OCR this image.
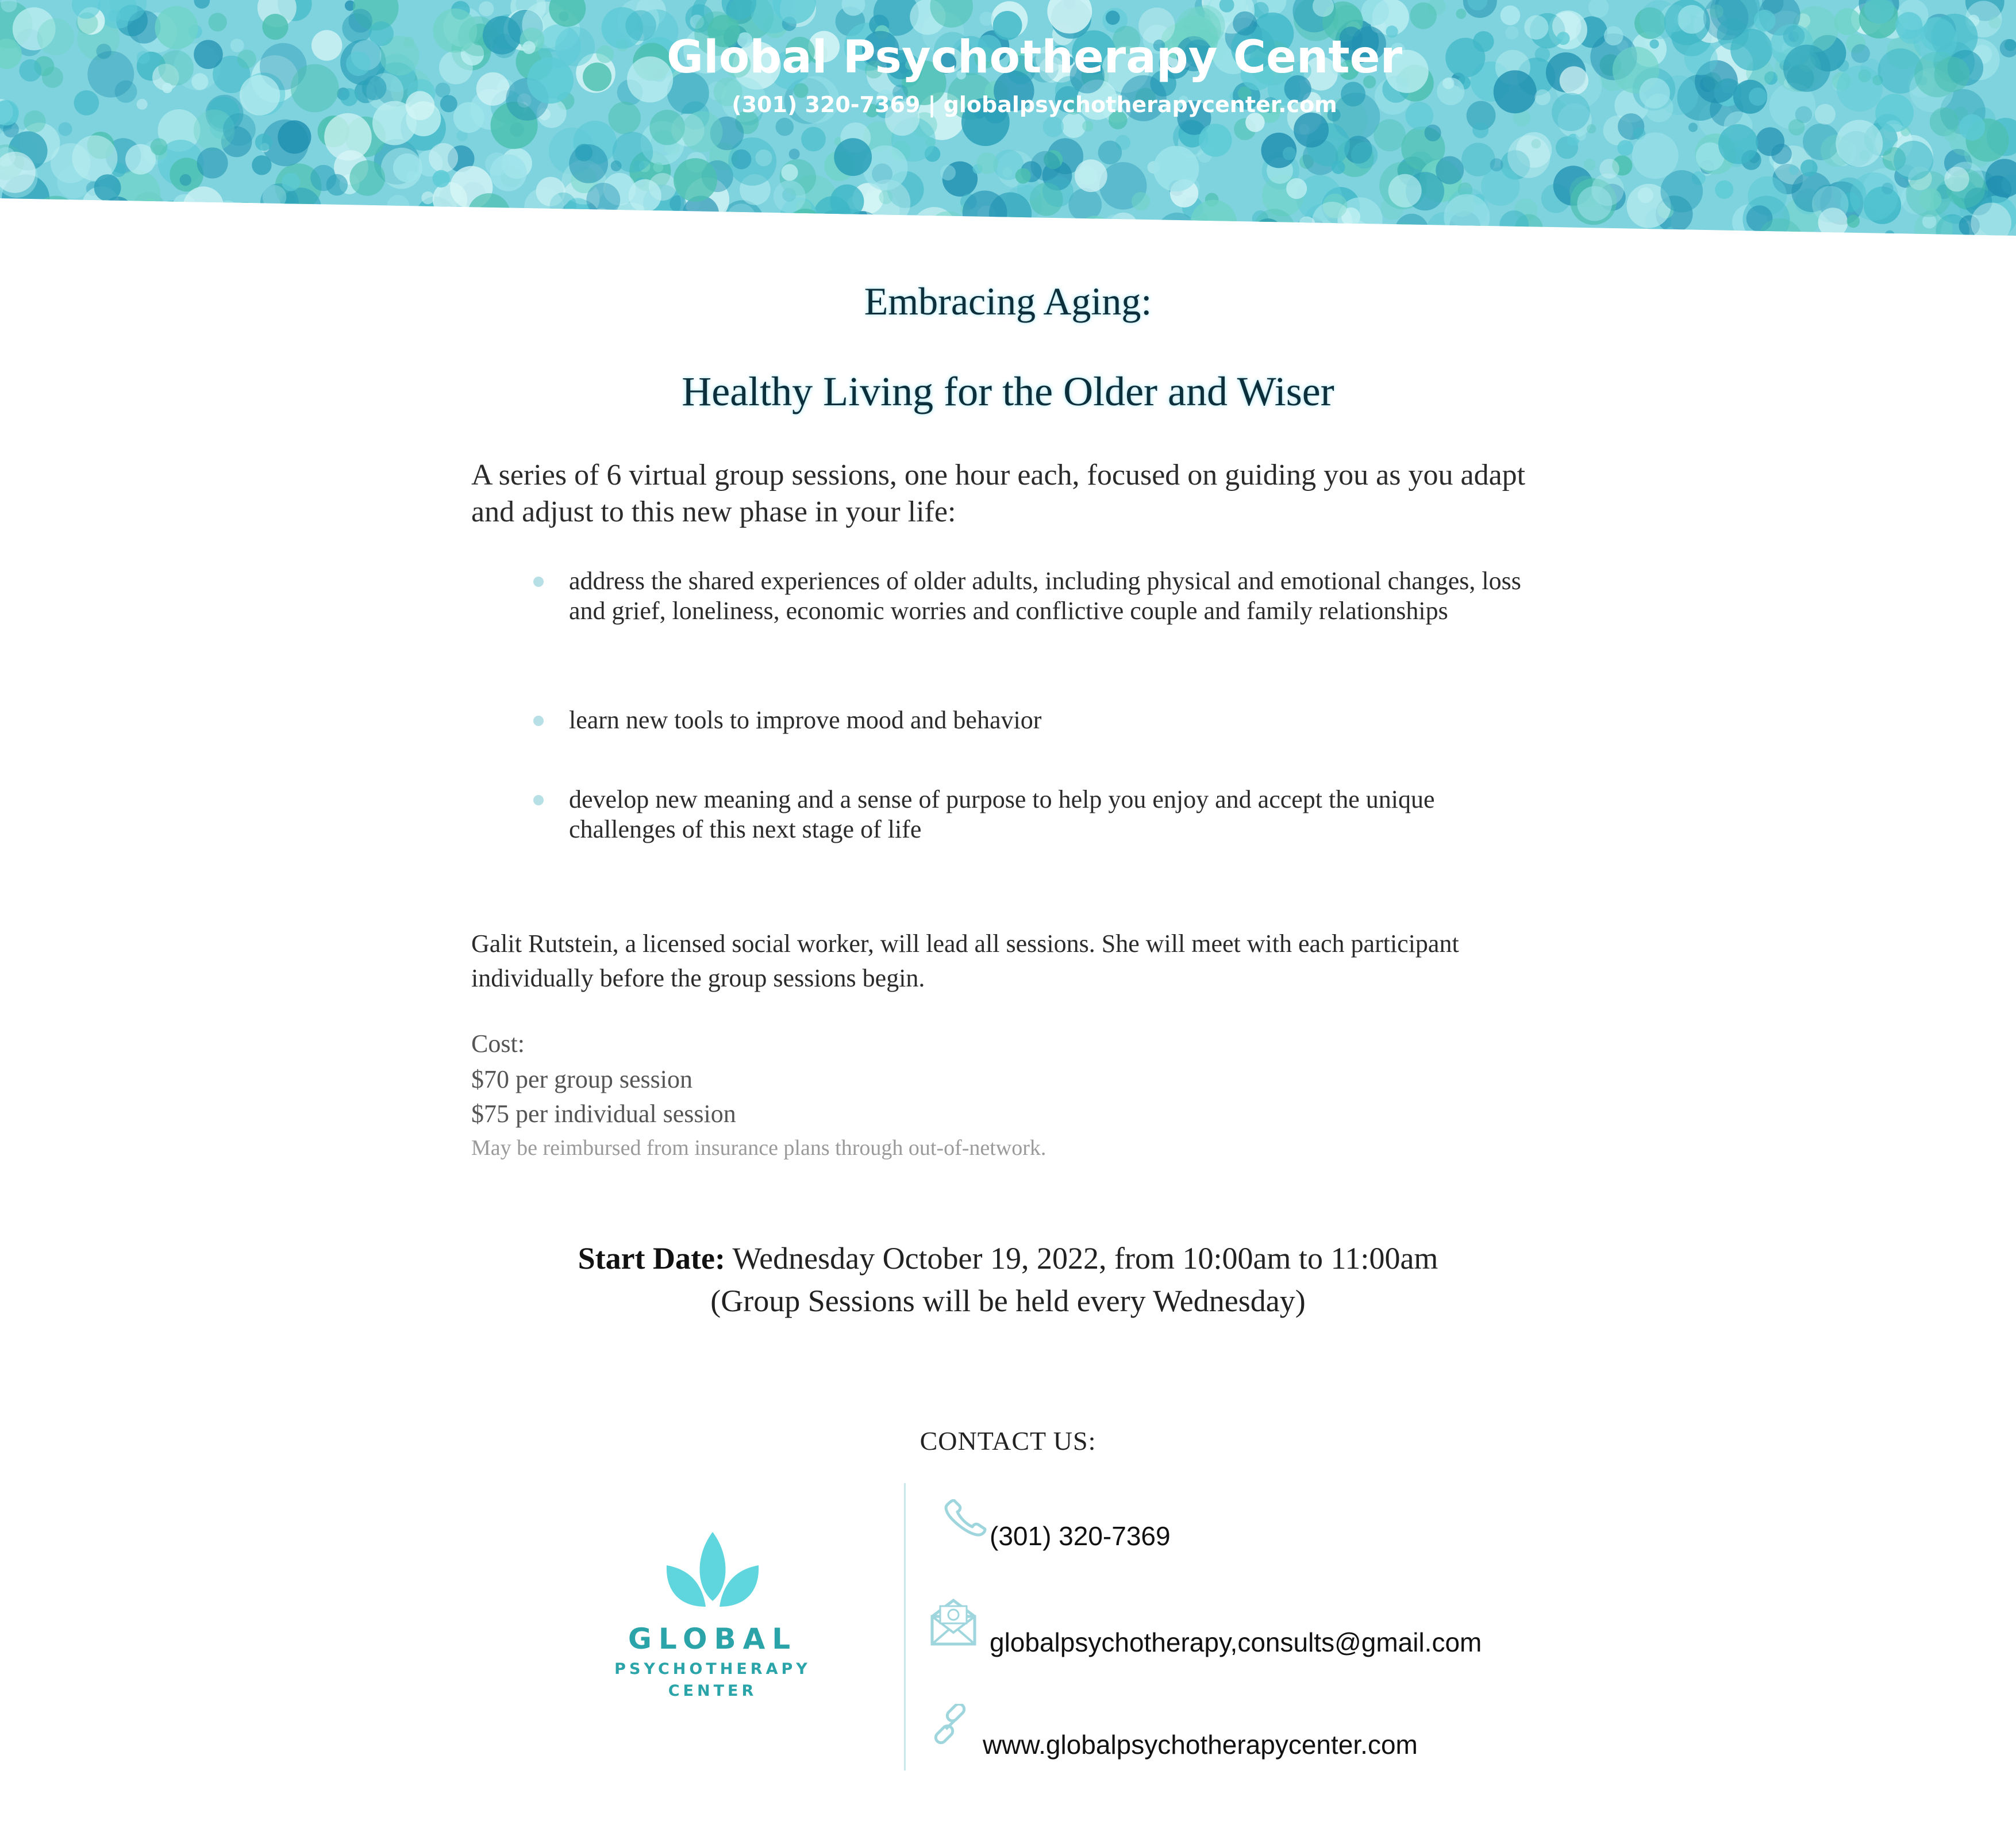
Global Psychotherapy Center
(301) 320-7369 | globalpsychotherapycenter.com
Embracing Aging:
Healthy Living for the Older and Wiser
A series of 6 virtual group sessions, one hour each, focused on guiding you as you adapt and adjust to this new phase in your life:
address the shared experiences of older adults, including physical and emotional changes, loss and grief, loneliness, economic worries and conflictive couple and family relationships
learn new tools to improve mood and behavior
develop new meaning and a sense of purpose to help you enjoy and accept the unique challenges of this next stage of life
Galit Rutstein, a licensed social worker, will lead all sessions. She will meet with each participant individually before the group sessions begin.
Cost:
$70 per group session
$75 per individual session
May be reimbursed from insurance plans through out-of-network.
Start Date: Wednesday October 19, 2022, from 10:00am to 11:00am
(Group Sessions will be held every Wednesday)
CONTACT US:
GLOBAL
PSYCHOTHERAPY
CENTER
(301) 320-7369
globalpsychotherapy,consults@gmail.com
www.globalpsychotherapycenter.com
